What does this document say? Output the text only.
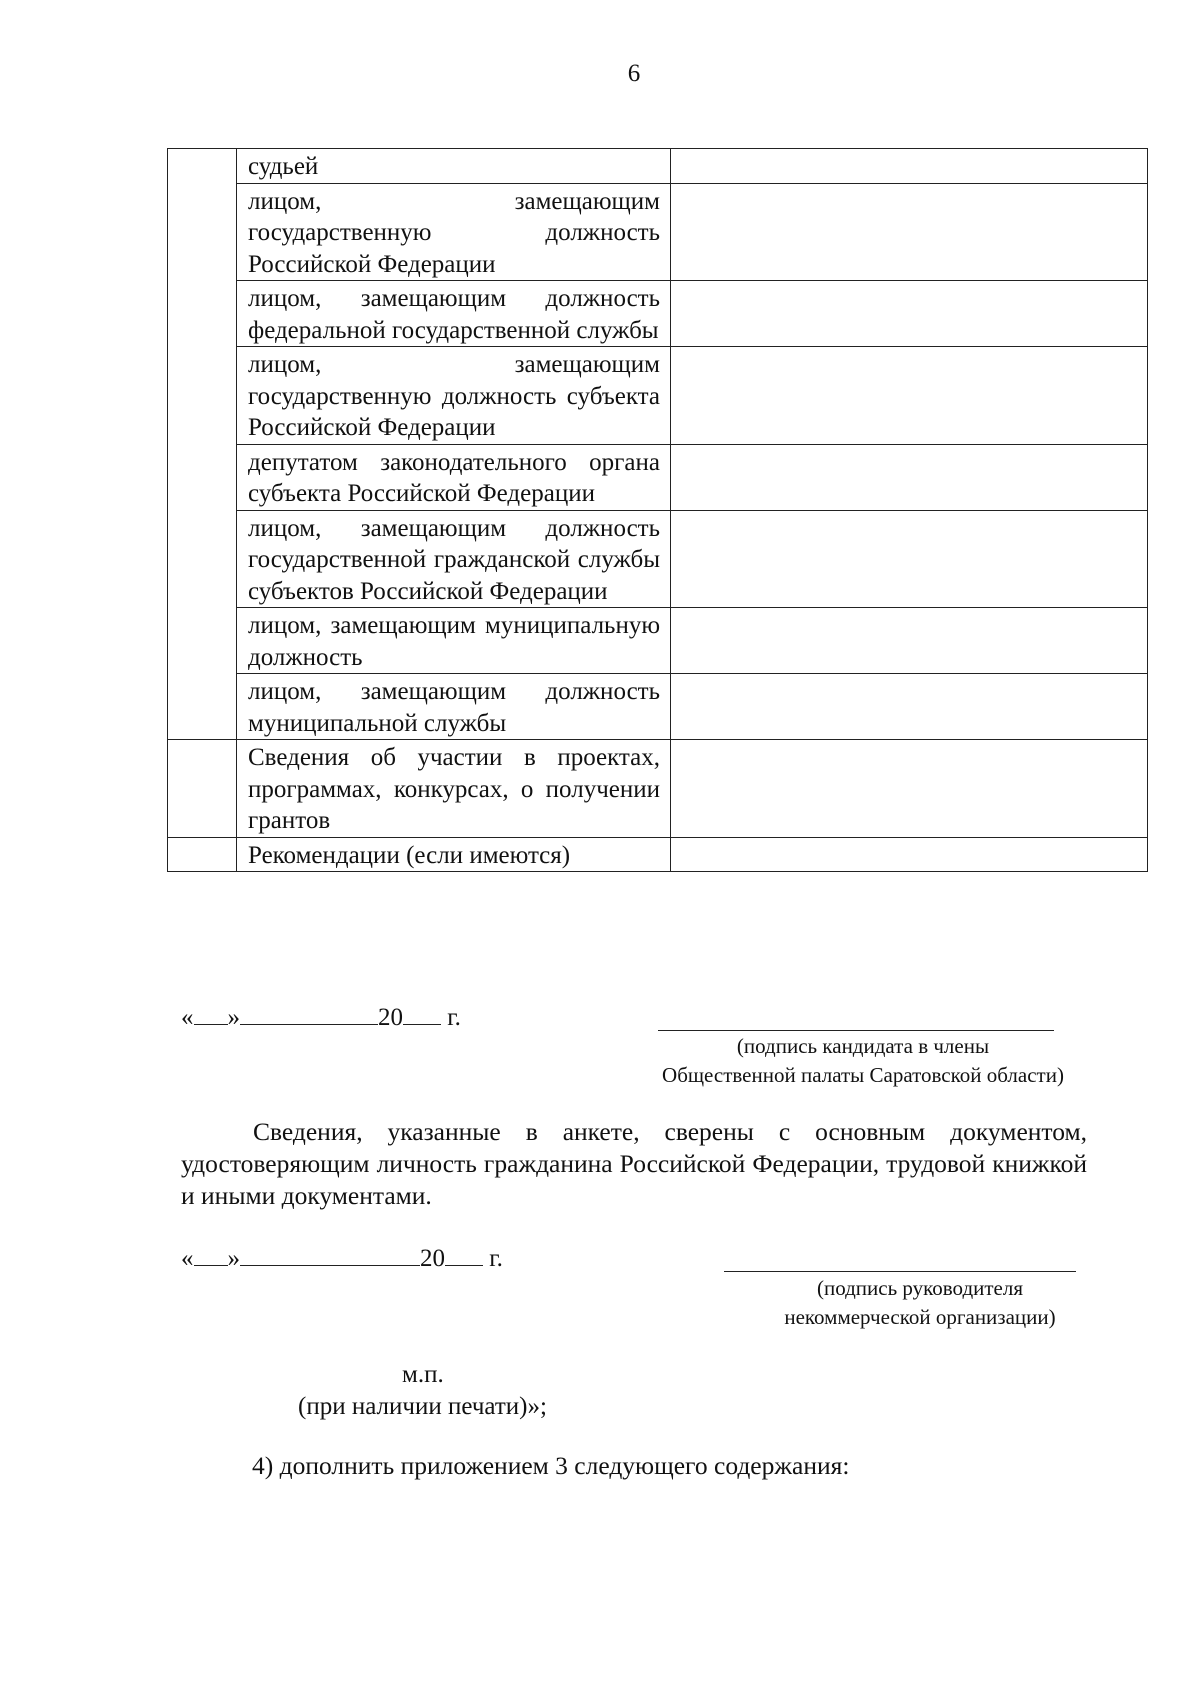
6
	судьей	
	лицом, замещающим государственную должность Российской Федерации	
	лицом, замещающим должность федеральной государственной службы	
	лицом, замещающим государственную должность субъекта Российской Федерации	
	депутатом законодательного органа субъекта Российской Федерации	
	лицом, замещающим должность государственной гражданской службы субъектов Российской Федерации	
	лицом, замещающим муниципальную должность	
	лицом, замещающим должность муниципальной службы	
	Сведения об участии в проектах, программах, конкурсах, о получении грантов	
	Рекомендации (если имеются)	
« »	20 г.
(подпись кандидата в члены
Общественной палаты Саратовской области)
Сведения, указанные в анкете, сверены с основным документом, удостоверяющим личность гражданина Российской Федерации, трудовой книжкой и иными документами.
« »	20 г.
(подпись руководителя
некоммерческой организации)
м.п.
(при наличии печати)»;
4) дополнить приложением 3 следующего содержания:
